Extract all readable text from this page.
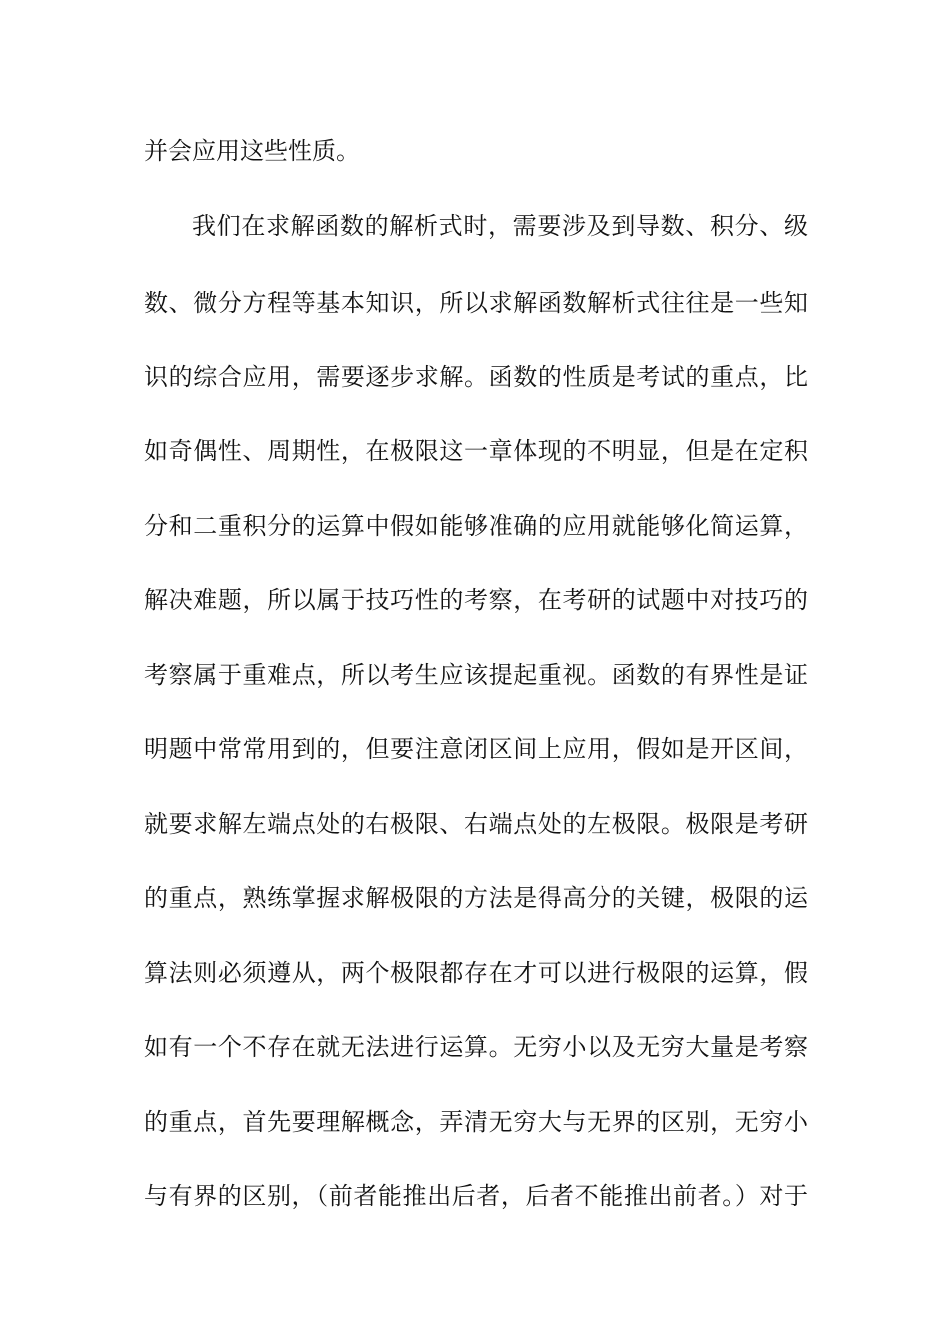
并会应用这些性质。
我们在求解函数的解析式时，需要涉及到导数、积分、级
数、微分方程等基本知识，所以求解函数解析式往往是一些知
识的综合应用，需要逐步求解。函数的性质是考试的重点，比
如奇偶性、周期性，在极限这一章体现的不明显，但是在定积
分和二重积分的运算中假如能够准确的应用就能够化简运算，
解决难题，所以属于技巧性的考察，在考研的试题中对技巧的
考察属于重难点，所以考生应该提起重视。函数的有界性是证
明题中常常用到的，但要注意闭区间上应用，假如是开区间，
就要求解左端点处的右极限、右端点处的左极限。极限是考研
的重点，熟练掌握求解极限的方法是得高分的关键，极限的运
算法则必须遵从，两个极限都存在才可以进行极限的运算，假
如有一个不存在就无法进行运算。无穷小以及无穷大量是考察
的重点，首先要理解概念，弄清无穷大与无界的区别，无穷小
与有界的区别，（前者能推出后者，后者不能推出前者。）对于
